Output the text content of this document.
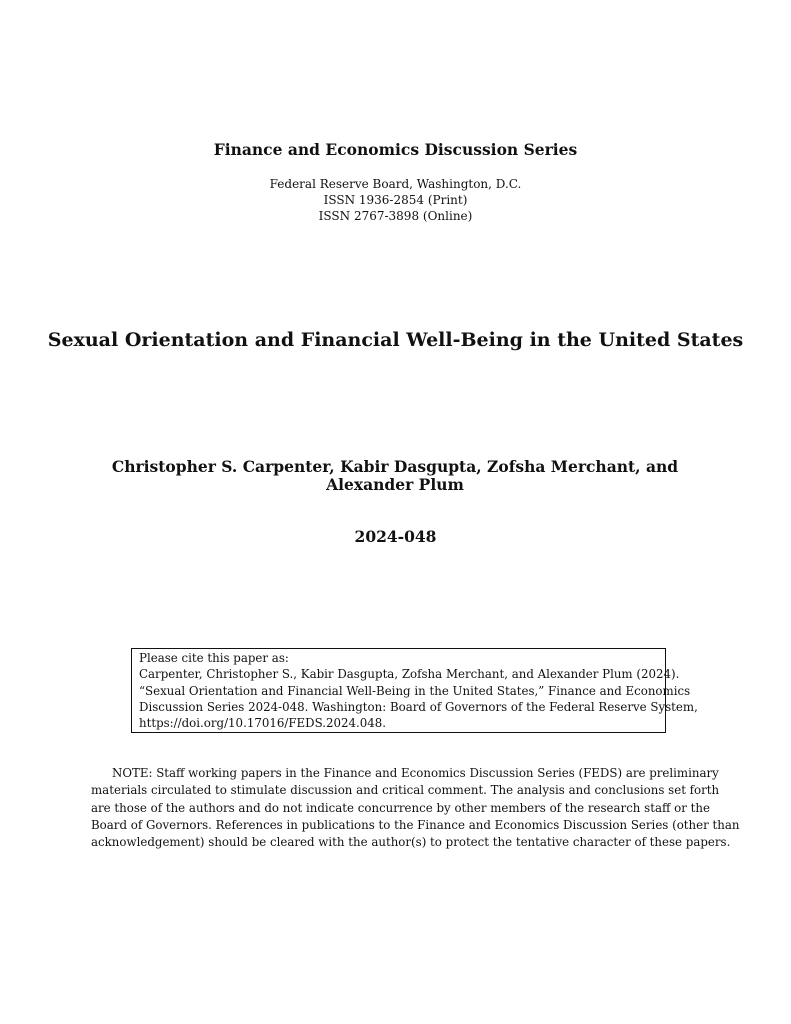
Finance and Economics Discussion Series
Federal Reserve Board, Washington, D.C.
ISSN 1936-2854 (Print)
ISSN 2767-3898 (Online)
Sexual Orientation and Financial Well-Being in the United States
Christopher S. Carpenter, Kabir Dasgupta, Zofsha Merchant, and Alexander Plum
2024-048
Please cite this paper as:
Carpenter, Christopher S., Kabir Dasgupta, Zofsha Merchant, and Alexander Plum (2024).
“Sexual Orientation and Financial Well-Being in the United States,” Finance and Economics
Discussion Series 2024-048. Washington: Board of Governors of the Federal Reserve System,
https://doi.org/10.17016/FEDS.2024.048.
NOTE: Staff working papers in the Finance and Economics Discussion Series (FEDS) are preliminary
materials circulated to stimulate discussion and critical comment. The analysis and conclusions set forth
are those of the authors and do not indicate concurrence by other members of the research staff or the
Board of Governors. References in publications to the Finance and Economics Discussion Series (other than
acknowledgement) should be cleared with the author(s) to protect the tentative character of these papers.
